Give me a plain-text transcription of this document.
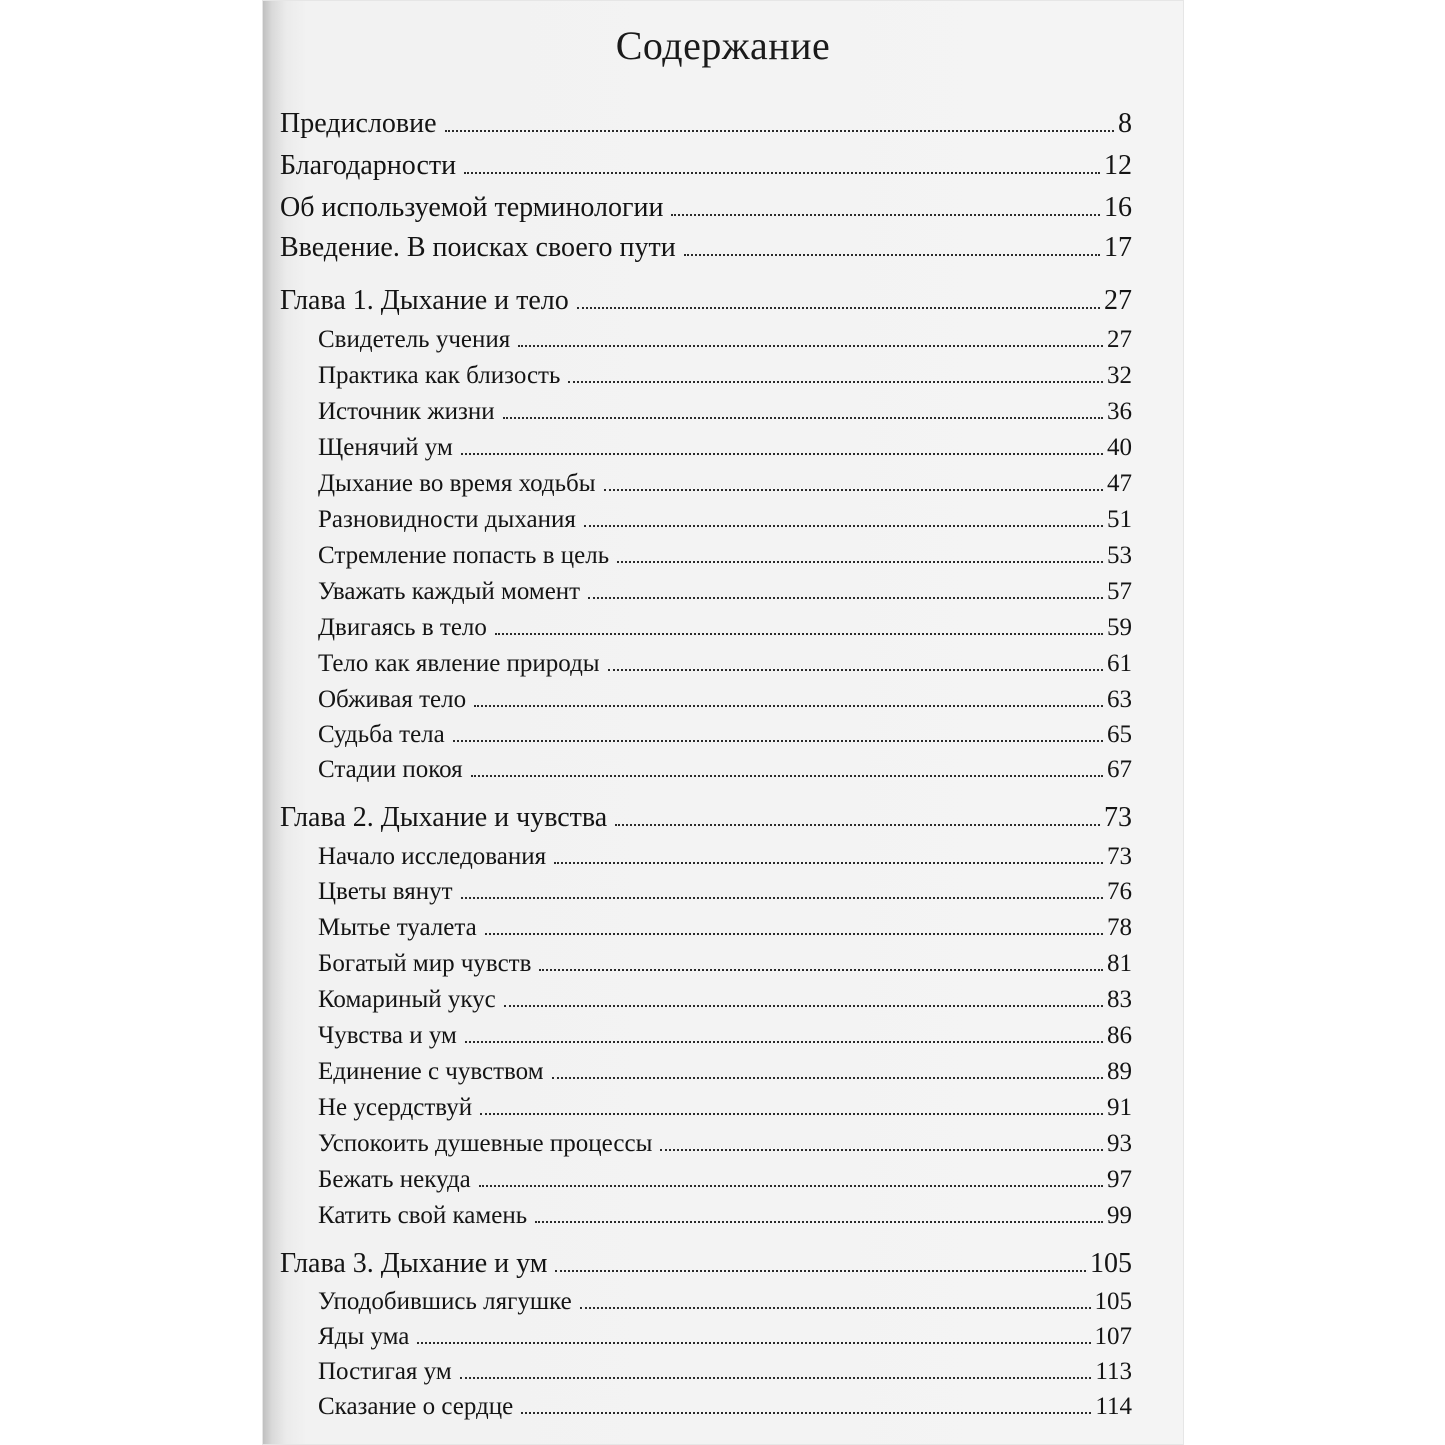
Содержание
Предисловие	8
Благодарности	12
Об используемой терминологии	16
Введение. В поисках своего пути	17
Глава 1. Дыхание и тело	27
Свидетель учения	27
Практика как близость	32
Источник жизни	36
Щенячий ум	40
Дыхание во время ходьбы	47
Разновидности дыхания	51
Стремление попасть в цель	53
Уважать каждый момент	57
Двигаясь в тело	59
Тело как явление природы	61
Обживая тело	63
Судьба тела	65
Стадии покоя	67
Глава 2. Дыхание и чувства	73
Начало исследования	73
Цветы вянут	76
Мытье туалета	78
Богатый мир чувств	81
Комариный укус	83
Чувства и ум	86
Единение с чувством	89
Не усердствуй	91
Успокоить душевные процессы	93
Бежать некуда	97
Катить свой камень	99
Глава 3. Дыхание и ум	105
Уподобившись лягушке	105
Яды ума	107
Постигая ум	113
Сказание о сердце	114
